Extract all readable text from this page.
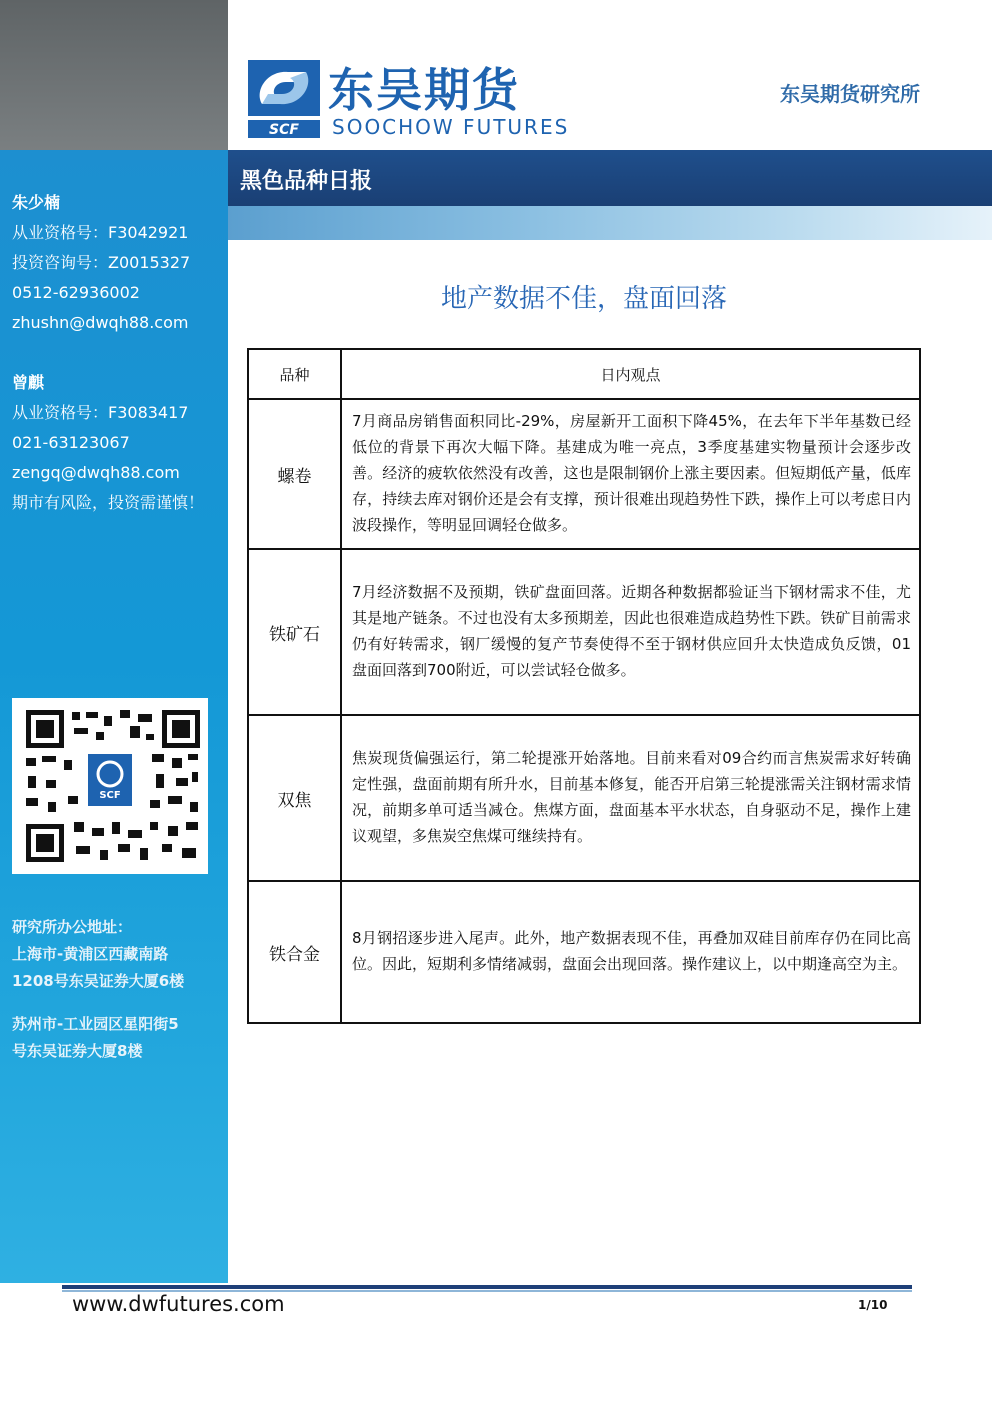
朱少楠
从业资格号：F3042921
投资咨询号：Z0015327
0512-62936002
zhushn@dwqh88.com
曾麒
从业资格号：F3083417
021-63123067
zengq@dwqh88.com
期市有风险，投资需谨慎！
SCF
研究所办公地址：
上海市-黄浦区西藏南路
1208号东吴证券大厦6楼
苏州市-工业园区星阳街5
号东吴证券大厦8楼
SCF
东吴期货
SOOCHOW FUTURES
东吴期货研究所
黑色品种日报
地产数据不佳，盘面回落
品种	日内观点
螺卷	7月商品房销售面积同比-29%，房屋新开工面积下降45%，在去年下半年基数已经低位的背景下再次大幅下降。基建成为唯一亮点，3季度基建实物量预计会逐步改善。经济的疲软依然没有改善，这也是限制钢价上涨主要因素。但短期低产量，低库存，持续去库对钢价还是会有支撑，预计很难出现趋势性下跌，操作上可以考虑日内波段操作，等明显回调轻仓做多。
铁矿石	7月经济数据不及预期，铁矿盘面回落。近期各种数据都验证当下钢材需求不佳，尤其是地产链条。不过也没有太多预期差，因此也很难造成趋势性下跌。铁矿目前需求仍有好转需求，钢厂缓慢的复产节奏使得不至于钢材供应回升太快造成负反馈，01盘面回落到700附近，可以尝试轻仓做多。
双焦	焦炭现货偏强运行，第二轮提涨开始落地。目前来看对09合约而言焦炭需求好转确定性强，盘面前期有所升水，目前基本修复，能否开启第三轮提涨需关注钢材需求情况，前期多单可适当减仓。焦煤方面，盘面基本平水状态，自身驱动不足，操作上建议观望，多焦炭空焦煤可继续持有。
铁合金	8月钢招逐步进入尾声。此外，地产数据表现不佳，再叠加双硅目前库存仍在同比高位。因此，短期利多情绪减弱，盘面会出现回落。操作建议上，以中期逢高空为主。
www.dwfutures.com	1/10
